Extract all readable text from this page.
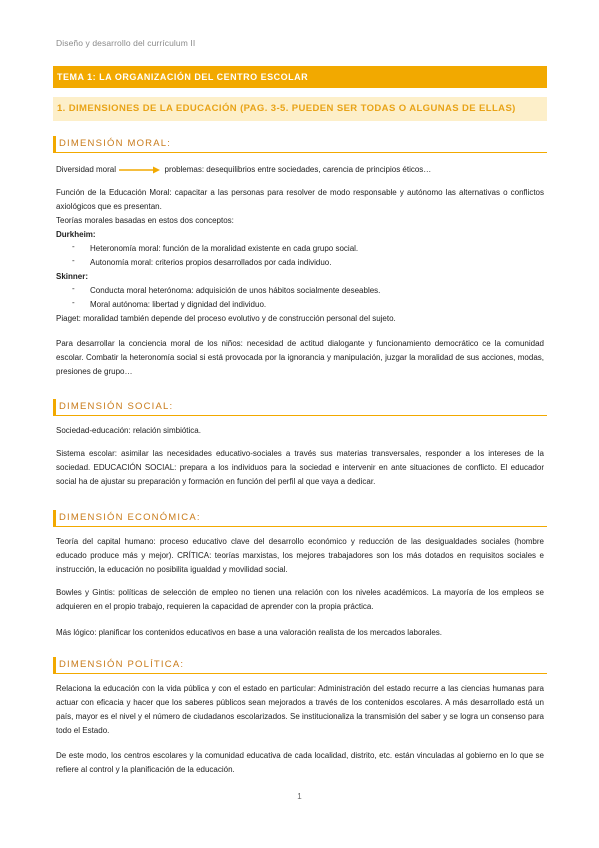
Diseño y desarrollo del currículum II
TEMA 1: LA ORGANIZACIÓN DEL CENTRO ESCOLAR
1. DIMENSIONES DE LA EDUCACIÓN (PAG. 3-5. PUEDEN SER TODAS O ALGUNAS DE ELLAS)
DIMENSIÓN MORAL:
Diversidad moral	problemas: desequilibrios entre sociedades, carencia de principios éticos…
Función de la Educación Moral: capacitar a las personas para resolver de modo responsable y autónomo las alternativas o conflictos axiológicos que es presentan.
Teorías morales basadas en estos dos conceptos:
Durkheim:
- Heteronomía moral: función de la moralidad existente en cada grupo social.
- Autonomía moral: criterios propios desarrollados por cada individuo.
Skinner:
- Conducta moral heterónoma: adquisición de unos hábitos socialmente deseables.
- Moral autónoma: libertad y dignidad del individuo.
Piaget: moralidad también depende del proceso evolutivo y de construcción personal del sujeto.
Para desarrollar la conciencia moral de los niños: necesidad de actitud dialogante y funcionamiento democrático ce la comunidad escolar. Combatir la heteronomía social si está provocada por la ignorancia y manipulación, juzgar la moralidad de sus acciones, modas, presiones de grupo…
DIMENSIÓN SOCIAL:
Sociedad-educación: relación simbiótica.
Sistema escolar: asimilar las necesidades educativo-sociales a través sus materias transversales, responder a los intereses de la sociedad. EDUCACIÓN SOCIAL: prepara a los individuos para la sociedad e intervenir en ante situaciones de conflicto. El educador social ha de ajustar su preparación y formación en función del perfil al que vaya a dedicar.
DIMENSIÓN ECONÓMICA:
Teoría del capital humano: proceso educativo clave del desarrollo económico y reducción de las desigualdades sociales (hombre educado produce más y mejor). CRÍTICA: teorías marxistas, los mejores trabajadores son los más dotados en requisitos sociales e instrucción, la educación no posibilita igualdad y movilidad social.
Bowles y Gintis: políticas de selección de empleo no tienen una relación con los niveles académicos. La mayoría de los empleos se adquieren en el propio trabajo, requieren la capacidad de aprender con la propia práctica.
Más lógico: planificar los contenidos educativos en base a una valoración realista de los mercados laborales.
DIMENSIÓN POLÍTICA:
Relaciona la educación con la vida pública y con el estado en particular: Administración del estado recurre a las ciencias humanas para actuar con eficacia y hacer que los saberes públicos sean mejorados a través de los contenidos escolares. A más desarrollado está un país, mayor es el nivel y el número de ciudadanos escolarizados. Se institucionaliza la transmisión del saber y se logra un consenso para todo el Estado.
De este modo, los centros escolares y la comunidad educativa de cada localidad, distrito, etc. están vinculadas al gobierno en lo que se refiere al control y la planificación de la educación.
1
